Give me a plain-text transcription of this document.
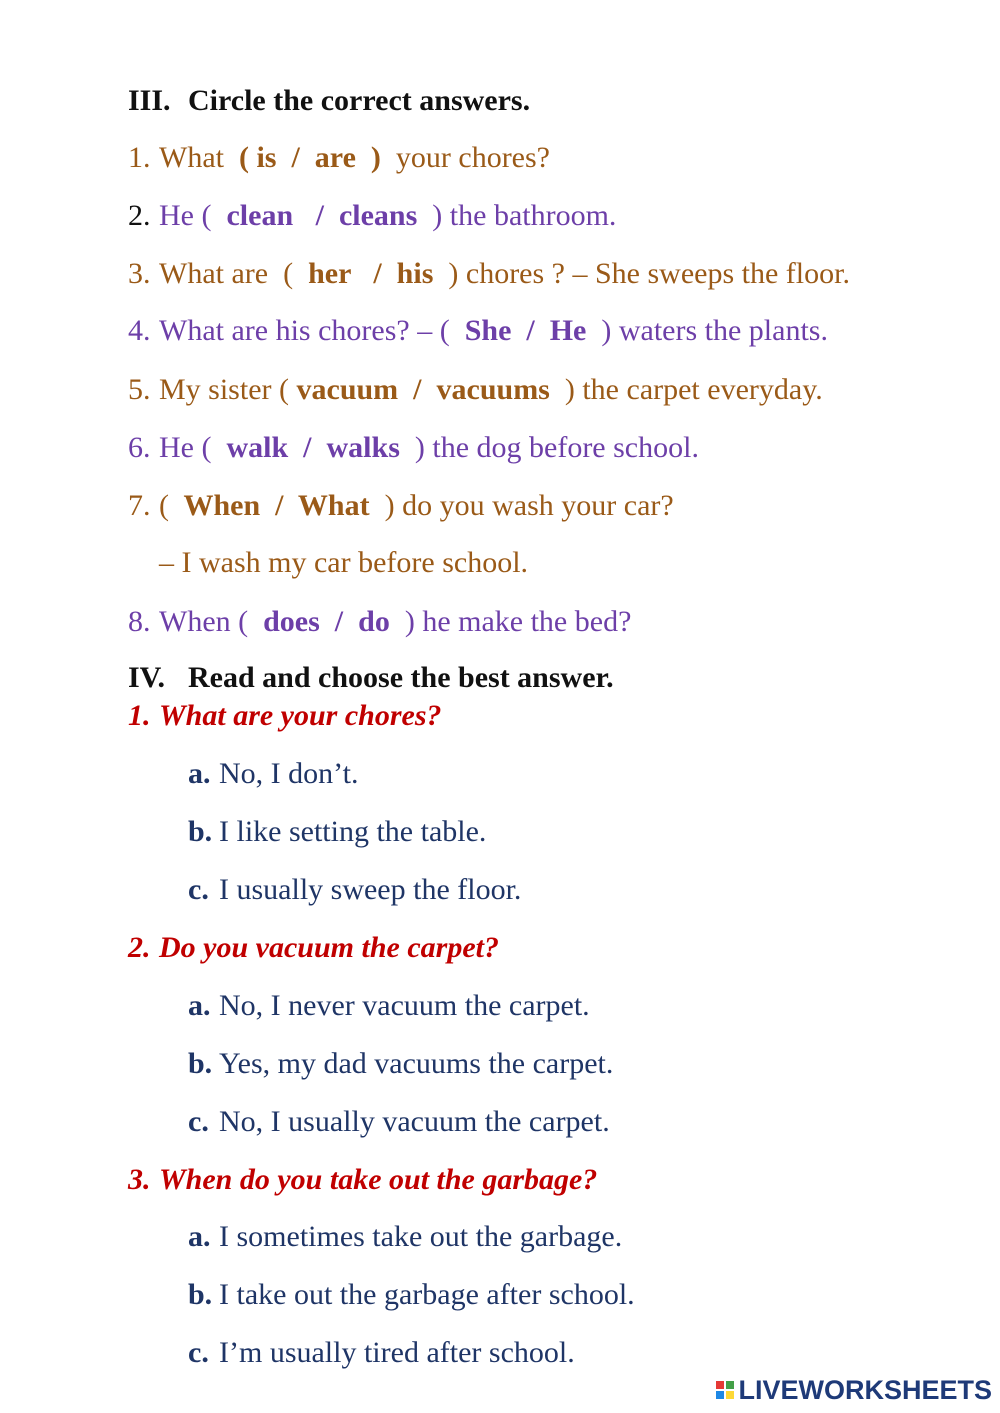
III. Circle the correct answers.

1. What  ( is  /  are  )  your chores?

2. He (  clean   /  cleans  ) the bathroom.

3. What are  (  her   /  his  ) chores ? – She sweeps the floor.

4. What are his chores? – (  She  /  He  ) waters the plants.

5. My sister ( vacuum  /  vacuums  ) the carpet everyday.

6. He (  walk  /  walks  ) the dog before school.

7. (  When  /  What  ) do you wash your car?

– I wash my car before school.

8. When (  does  /  do  ) he make the bed?

IV. Read and choose the best answer.

1. What are your chores?

a. No, I don’t.

b. I like setting the table.

c. I usually sweep the floor.

2. Do you vacuum the carpet?

a. No, I never vacuum the carpet.

b. Yes, my dad vacuums the carpet.

c. No, I usually vacuum the carpet.

3. When do you take out the garbage?

a. I sometimes take out the garbage.

b. I take out the garbage after school.

c. I’m usually tired after school.

LIVEWORKSHEETS
